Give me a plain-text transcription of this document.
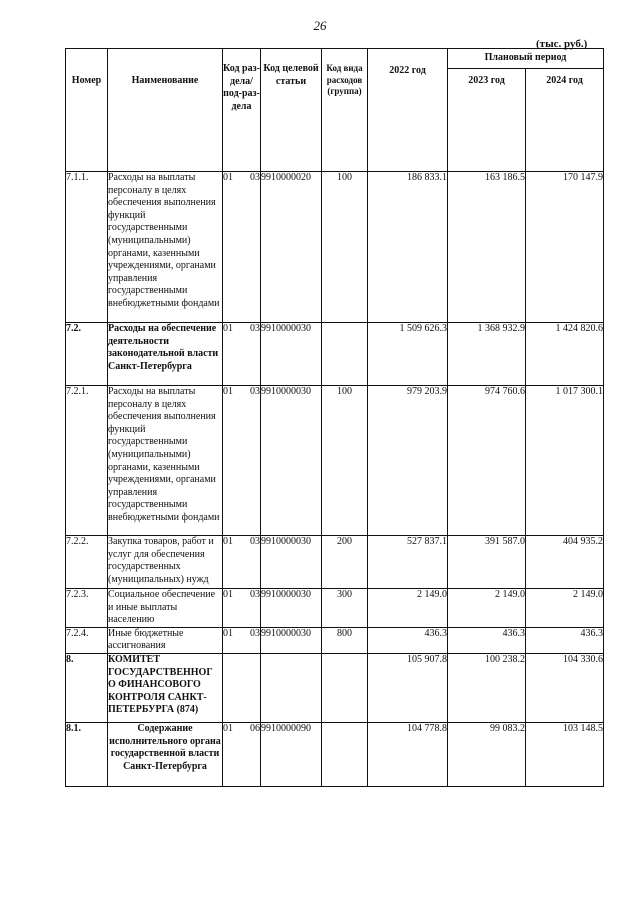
26
(тыс. руб.)
Номер	Наименование	Код раз-дела/ под-раз-дела	Код целевой статьи	Код вида расходов (группа)	2022 год	Плановый период	
						2023 год	2024 год
7.1.1.	Расходы на выплаты персоналу в целях обеспечения выполнения функций государственными (муниципальными) органами, казенными учреждениями, органами управления государственными внебюджетными фондами	01 03	9910000020	100	186 833.1	163 186.5	170 147.9
7.2.	Расходы на обеспечение деятельности законодательной власти Санкт-Петербурга	01 03	9910000030		1 509 626.3	1 368 932.9	1 424 820.6
7.2.1.	Расходы на выплаты персоналу в целях обеспечения выполнения функций государственными (муниципальными) органами, казенными учреждениями, органами управления государственными внебюджетными фондами	01 03	9910000030	100	979 203.9	974 760.6	1 017 300.1
7.2.2.	Закупка товаров, работ и услуг для обеспечения государственных (муниципальных) нужд	01 03	9910000030	200	527 837.1	391 587.0	404 935.2
7.2.3.	Социальное обеспечение и иные выплаты населению	01 03	9910000030	300	2 149.0	2 149.0	2 149.0
7.2.4.	Иные бюджетные ассигнования	01 03	9910000030	800	436.3	436.3	436.3
8.	КОМИТЕТ ГОСУДАРСТВЕННОГ О ФИНАНСОВОГО КОНТРОЛЯ САНКТ-ПЕТЕРБУРГА (874)				105 907.8	100 238.2	104 330.6
8.1.	Содержание исполнительного органа государственной власти Санкт-Петербурга	01 06	9910000090		104 778.8	99 083.2	103 148.5
